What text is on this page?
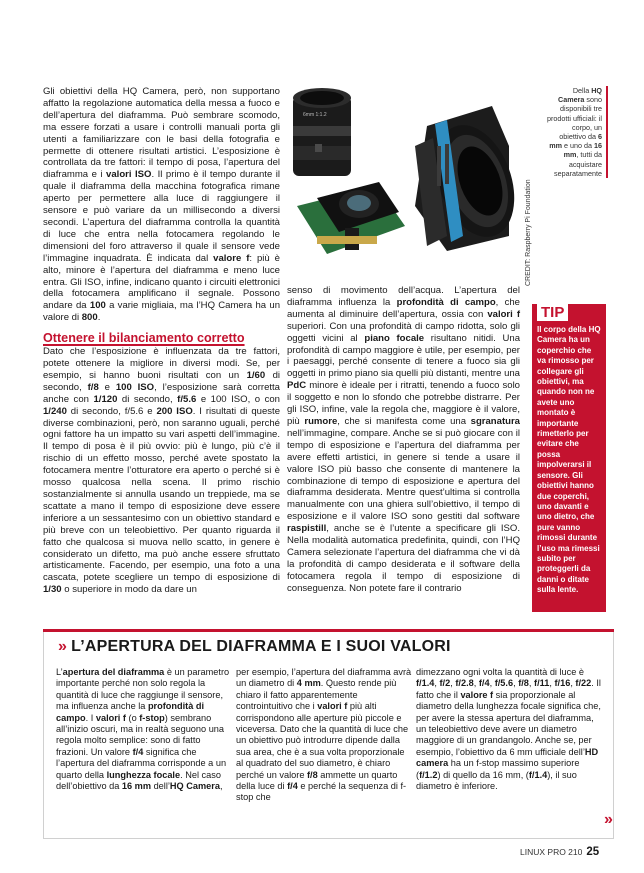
Gli obiettivi della HQ Camera, però, non supportano affatto la regolazione automatica della messa a fuoco e dell’apertura del diaframma. Può sembrare scomodo, ma essere forzati a usare i controlli manuali porta gli utenti a familiarizzare con le basi della fotografia e permette di ottenere risultati artistici. L’esposizione è controllata da tre fattori: il tempo di posa, l’apertura del diaframma e i valori ISO. Il primo è il tempo durante il quale il diaframma della macchina fotografica rimane aperto per permettere alla luce di raggiungere il sensore e può variare da un millisecondo a diversi secondi. L’apertura del diaframma controlla la quantità di luce che entra nella fotocamera regolando le dimensioni del foro attraverso il quale il sensore vede l’immagine inquadrata. È indicata dal valore f: più è alto, minore è l’apertura del diaframma e meno luce entra. Gli ISO, infine, indicano quanto i circuiti elettronici della fotocamera amplificano il segnale. Possono andare da 100 a varie migliaia, ma l’HQ Camera ha un valore di 800.

Ottenere il bilanciamento corretto

Dato che l’esposizione è influenzata da tre fattori, potete ottenere la migliore in diversi modi. Se, per esempio, si hanno buoni risultati con un 1/60 di secondo, f/8 e 100 ISO, l’esposizione sarà corretta anche con 1/120 di secondo, f/5.6 e 100 ISO, o con 1/240 di secondo, f/5.6 e 200 ISO. I risultati di queste diverse combinazioni, però, non saranno uguali, perché ogni fattore ha un impatto su vari aspetti dell’immagine. Il tempo di posa è il più ovvio: più è lungo, più c’è il rischio di un effetto mosso, perché avete spostato la fotocamera mentre l’otturatore era aperto o perché si è mosso qualcosa nella scena. Il primo rischio sostanzialmente si annulla usando un treppiede, ma se scattate a mano il tempo di esposizione deve essere inferiore a un sessantesimo con un obiettivo standard e più breve con un teleobiettivo. Per quanto riguarda il fatto che qualcosa si muova nello scatto, in genere è considerato un difetto, ma può anche essere sfruttato artisticamente. Facendo, per esempio, una foto a una cascata, potete scegliere un tempo di esposizione di 1/30 o superiore in modo da dare un

6mm 1:1.2
CREDIT: Raspberry Pi Foundation
Della HQ Camera sono disponibili tre prodotti ufficiali: il corpo, un obiettivo da 6 mm e uno da 16 mm, tutti da acquistare separatamente

senso di movimento dell’acqua. L’apertura del diaframma influenza la profondità di campo, che aumenta al diminuire dell’apertura, ossia con valori f superiori. Con una profondità di campo ridotta, solo gli oggetti vicini al piano focale risultano nitidi. Una profondità di campo maggiore è utile, per esempio, per i paesaggi, perché consente di tenere a fuoco sia gli oggetti in primo piano sia quelli più distanti, mentre una PdC minore è ideale per i ritratti, tenendo a fuoco solo il soggetto e non lo sfondo che potrebbe distrarre. Per gli ISO, infine, vale la regola che, maggiore è il valore, più rumore, che si manifesta come una sgranatura nell’immagine, compare. Anche se si può giocare con il tempo di esposizione e l’apertura del diaframma per avere effetti artistici, in genere si tende a usare il valore ISO più basso che consente di mantenere la combinazione di tempo di esposizione e apertura del diaframma desiderata. Mentre quest’ultima si controlla manualmente con una ghiera sull’obiettivo, il tempo di esposizione e il valore ISO sono gestiti dal software raspistill, anche se è l’utente a specificare gli ISO. Nella modalità automatica predefinita, quindi, con l’HQ Camera selezionate l’apertura del diaframma che vi dà la profondità di campo desiderata e il software della fotocamera regola il tempo di esposizione di conseguenza. Non potete fare il contrario

TIP
Il corpo della HQ Camera ha un coperchio che va rimosso per collegare gli obiettivi, ma quando non ne avete uno montato è importante rimetterlo per evitare che possa impolverarsi il sensore. Gli obiettivi hanno due coperchi, uno davanti e uno dietro, che pure vanno rimossi durante l’uso ma rimessi subito per proteggerli da danni o ditate sulla lente.
» L’APERTURA DEL DIAFRAMMA E I SUOI VALORI

L’apertura del diaframma è un parametro importante perché non solo regola la quantità di luce che raggiunge il sensore, ma influenza anche la profondità di campo. I valori f (o f-stop) sembrano all’inizio oscuri, ma in realtà seguono una regola molto semplice: sono di fatto frazioni. Un valore f/4 significa che l’apertura del diaframma corrisponde a un quarto della lunghezza focale. Nel caso dell’obiettivo da 16 mm dell’HQ Camera,

per esempio, l’apertura del diaframma avrà un diametro di 4 mm. Questo rende più chiaro il fatto apparentemente controintuitivo che i valori f più alti corrispondono alle aperture più piccole e viceversa. Dato che la quantità di luce che un obiettivo può introdurre dipende dalla sua area, che è a sua volta proporzionale al quadrato del suo diametro, è chiaro perché un valore f/8 ammette un quarto della luce di f/4 e perché la sequenza di f-stop che

dimezzano ogni volta la quantità di luce è f/1.4, f/2, f/2.8, f/4, f/5.6, f/8, f/11, f/16, f/22. Il fatto che il valore f sia proporzionale al diametro della lunghezza focale significa che, per avere la stessa apertura del diaframma, un teleobiettivo deve avere un diametro maggiore di un grandangolo. Anche se, per esempio, l’obiettivo da 6 mm ufficiale dell’HD camera ha un f-stop massimo superiore (f/1.2) di quello da 16 mm, (f/1.4), il suo diametro è inferiore.

»
LINUX PRO 210 25
